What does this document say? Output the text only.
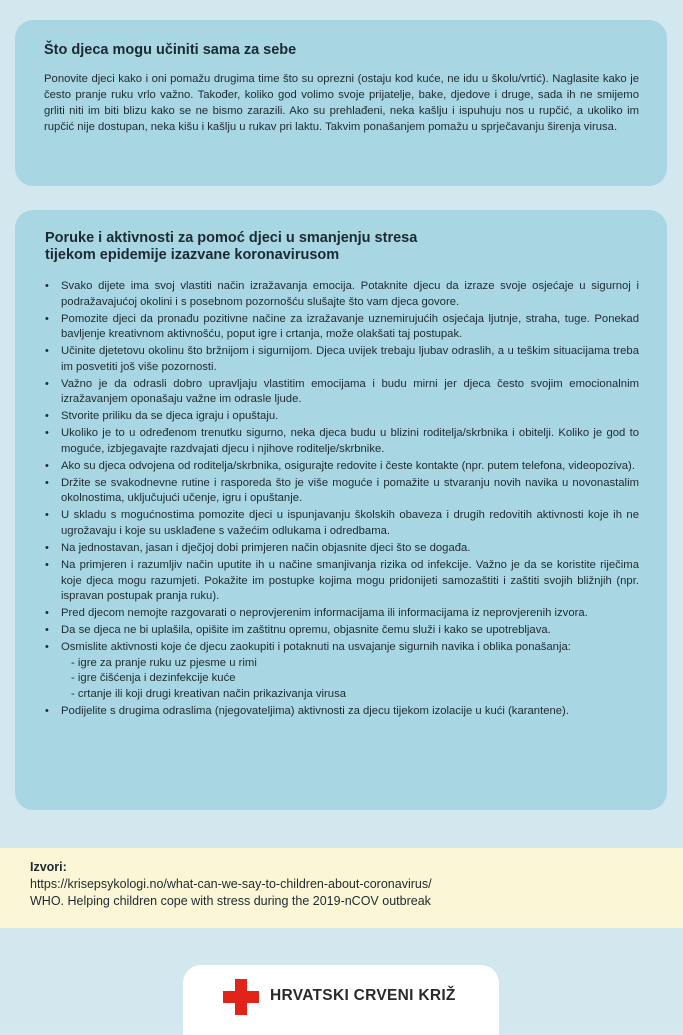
Što djeca mogu učiniti sama za sebe

Ponovite djeci kako i oni pomažu drugima time što su oprezni (ostaju kod kuće, ne idu u školu/vrtić). Naglasite kako je često pranje ruku vrlo važno. Također, koliko god volimo svoje prijatelje, bake, djedove i druge, sada ih ne smijemo grliti niti im biti blizu kako se ne bismo zarazili. Ako su prehlađeni, neka kašlju i ispuhuju nos u rupčić, a ukoliko im rupčić nije dostupan, neka kišu i kašlju u rukav pri laktu. Takvim ponašanjem pomažu u sprječavanju širenja virusa.

Poruke i aktivnosti za pomoć djeci u smanjenju stresa
tijekom epidemije izazvane koronavirusom
• Svako dijete ima svoj vlastiti način izražavanja emocija. Potaknite djecu da izraze svoje osjećaje u sigurnoj i podražavajućoj okolini i s posebnom pozornošću slušajte što vam djeca govore.
• Pomozite djeci da pronađu pozitivne načine za izražavanje uznemirujućih osjećaja ljutnje, straha, tuge. Ponekad bavljenje kreativnom aktivnošću, poput igre i crtanja, može olakšati taj postupak.
• Učinite djetetovu okolinu što bržnijom i sigurnijom. Djeca uvijek trebaju ljubav odraslih, a u teškim situacijama treba im posvetiti još više pozornosti.
• Važno je da odrasli dobro upravljaju vlastitim emocijama i budu mirni jer djeca često svojim emocionalnim izražavanjem oponašaju važne im odrasle ljude.
• Stvorite priliku da se djeca igraju i opuštaju.
• Ukoliko je to u određenom trenutku sigurno, neka djeca budu u blizini roditelja/skrbnika i obitelji. Koliko je god to moguće, izbjegavajte razdvajati djecu i njihove roditelje/skrbnike.
• Ako su djeca odvojena od roditelja/skrbnika, osigurajte redovite i česte kontakte (npr. putem telefona, videopoziva).
• Držite se svakodnevne rutine i rasporeda što je više moguće i pomažite u stvaranju novih navika u novonastalim okolnostima, uključujući učenje, igru i opuštanje.
• U skladu s mogućnostima pomozite djeci u ispunjavanju školskih obaveza i drugih redovitih aktivnosti koje ih ne ugrožavaju i koje su usklađene s važećim odlukama i odredbama.
• Na jednostavan, jasan i dječjoj dobi primjeren način objasnite djeci što se događa.
• Na primjeren i razumljiv način uputite ih u načine smanjivanja rizika od infekcije. Važno je da se koristite riječima koje djeca mogu razumjeti. Pokažite im postupke kojima mogu pridonijeti samozaštiti i zaštiti svojih bližnjih (npr. ispravan postupak pranja ruku).
• Pred djecom nemojte razgovarati o neprovjerenim informacijama ili informacijama iz neprovjerenih izvora.
• Da se djeca ne bi uplašila, opišite im zaštitnu opremu, objasnite čemu služi i kako se upotrebljava.
• Osmislite aktivnosti koje će djecu zaokupiti i potaknuti na usvajanje sigurnih navika i oblika ponašanja:
- igre za pranje ruku uz pjesme u rimi
- igre čišćenja i dezinfekcije kuće
- crtanje ili koji drugi kreativan način prikazivanja virusa
• Podijelite s drugima odraslima (njegovateljima) aktivnosti za djecu tijekom izolacije u kući (karantene).

Izvori:

https://krisepsykologi.no/what-can-we-say-to-children-about-coronavirus/

WHO. Helping children cope with stress during the 2019-nCOV outbreak

HRVATSKI CRVENI KRIŽ
